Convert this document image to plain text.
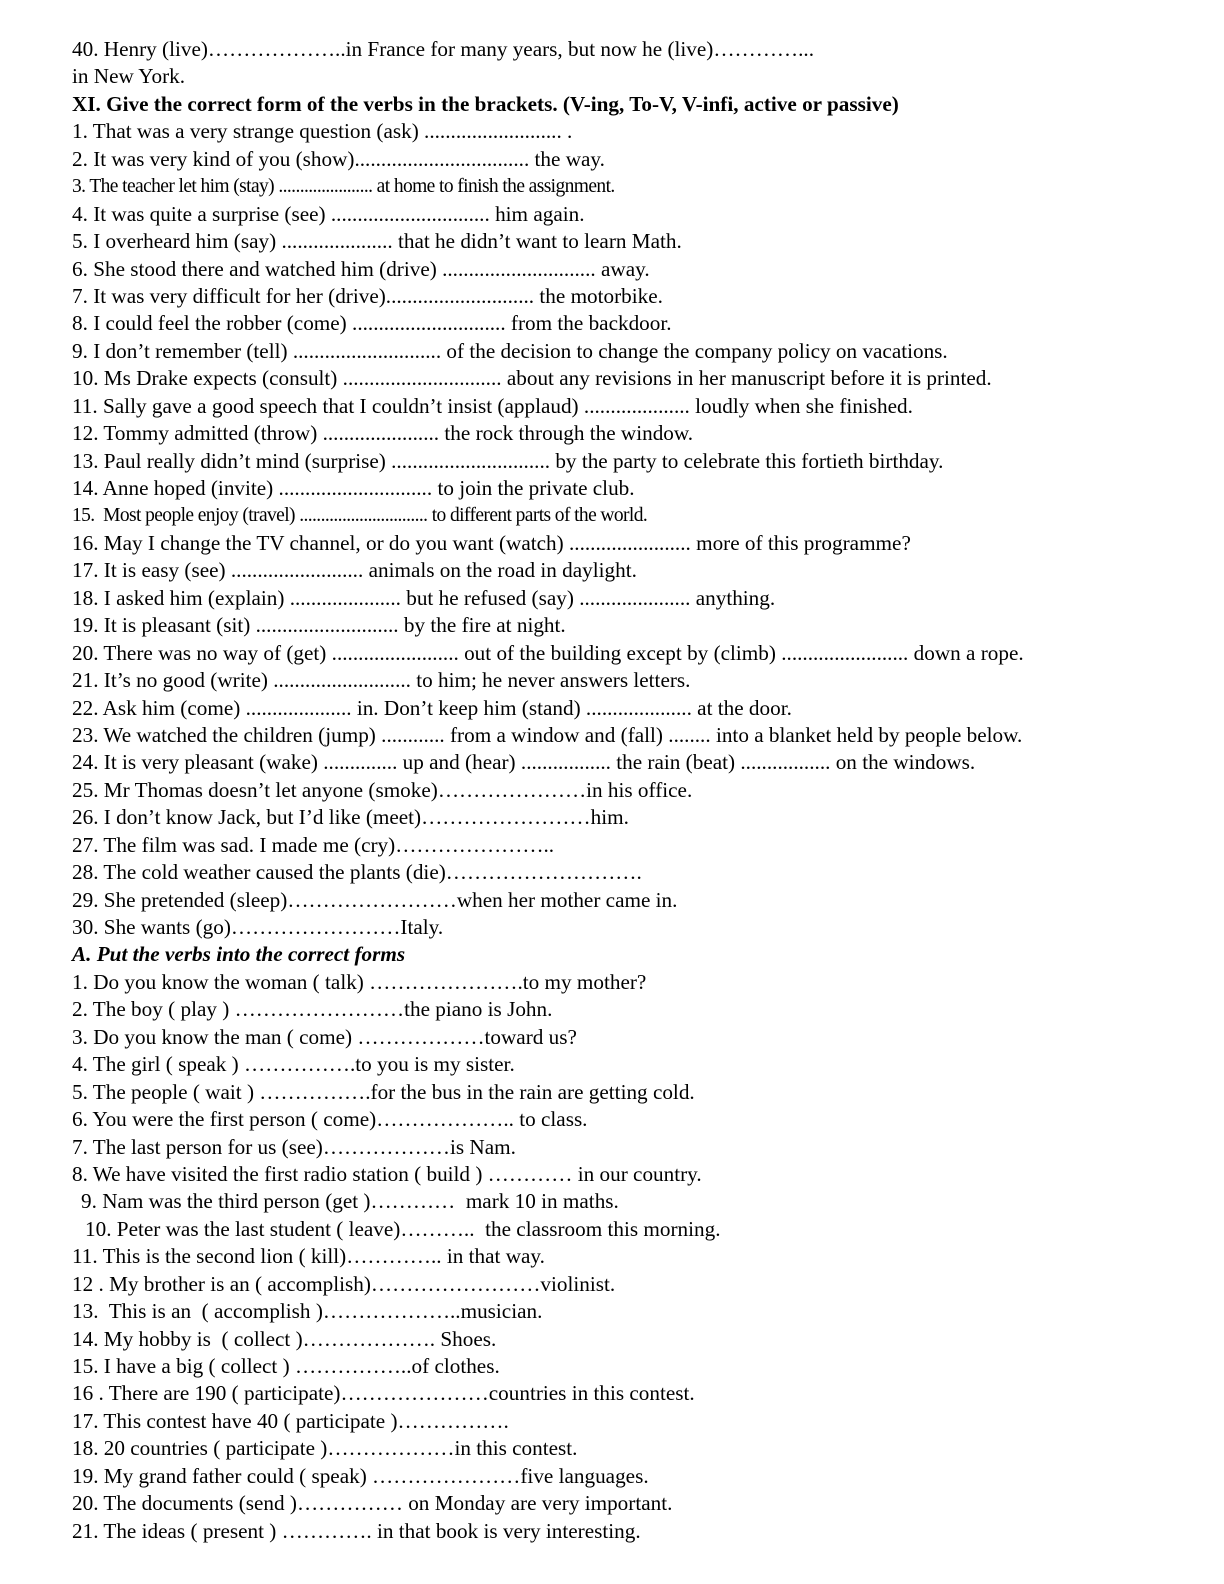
40. Henry (live)………………..in France for many years, but now he (live)…………...
in New York.
XI. Give the correct form of the verbs in the brackets. (V-ing, To-V, V-infi, active or passive)
1. That was a very strange question (ask) .......................... .
2. It was very kind of you (show)................................. the way.
3. The teacher let him (stay) ...................... at home to finish the assignment.
4. It was quite a surprise (see) .............................. him again.
5. I overheard him (say) ..................... that he didn’t want to learn Math.
6. She stood there and watched him (drive) ............................. away.
7. It was very difficult for her (drive)............................ the motorbike.
8. I could feel the robber (come) ............................. from the backdoor.
9. I don’t remember (tell) ............................ of the decision to change the company policy on vacations.
10. Ms Drake expects (consult) .............................. about any revisions in her manuscript before it is printed.
11. Sally gave a good speech that I couldn’t insist (applaud) .................... loudly when she finished.
12. Tommy admitted (throw) ...................... the rock through the window.
13. Paul really didn’t mind (surprise) .............................. by the party to celebrate this fortieth birthday.
14. Anne hoped (invite) ............................. to join the private club.
15.  Most people enjoy (travel) .............................. to different parts of the world.
16. May I change the TV channel, or do you want (watch) ....................... more of this programme?
17. It is easy (see) ......................... animals on the road in daylight.
18. I asked him (explain) ..................... but he refused (say) ..................... anything.
19. It is pleasant (sit) ........................... by the fire at night.
20. There was no way of (get) ........................ out of the building except by (climb) ........................ down a rope.
21. It’s no good (write) .......................... to him; he never answers letters.
22. Ask him (come) .................... in. Don’t keep him (stand) .................... at the door.
23. We watched the children (jump) ............ from a window and (fall) ........ into a blanket held by people below.
24. It is very pleasant (wake) .............. up and (hear) ................. the rain (beat) ................. on the windows.
25. Mr Thomas doesn’t let anyone (smoke)…………………in his office.
26. I don’t know Jack, but I’d like (meet)……………………him.
27. The film was sad. I made me (cry)…………………..
28. The cold weather caused the plants (die)……………………….
29. She pretended (sleep)……………………when her mother came in.
30. She wants (go)……………………Italy.
A. Put the verbs into the correct forms
1. Do you know the woman ( talk) ………………….to my mother?
2. The boy ( play ) ……………………the piano is John.
3. Do you know the man ( come) ………………toward us?
4. The girl ( speak ) …………….to you is my sister.
5. The people ( wait ) …………….for the bus in the rain are getting cold.
6. You were the first person ( come)……………….. to class.
7. The last person for us (see)………………is Nam.
8. We have visited the first radio station ( build ) ………… in our country.
9. Nam was the third person (get )…………  mark 10 in maths.
10. Peter was the last student ( leave)………..  the classroom this morning.
11. This is the second lion ( kill)………….. in that way.
12 . My brother is an ( accomplish)……………………violinist.
13.  This is an  ( accomplish )………………..musician.
14. My hobby is  ( collect )………………. Shoes.
15. I have a big ( collect ) ……………..of clothes.
16 . There are 190 ( participate)…………………countries in this contest.
17. This contest have 40 ( participate )…………….
18. 20 countries ( participate )………………in this contest.
19. My grand father could ( speak) …………………five languages.
20. The documents (send )…………… on Monday are very important.
21. The ideas ( present ) …………. in that book is very interesting.
